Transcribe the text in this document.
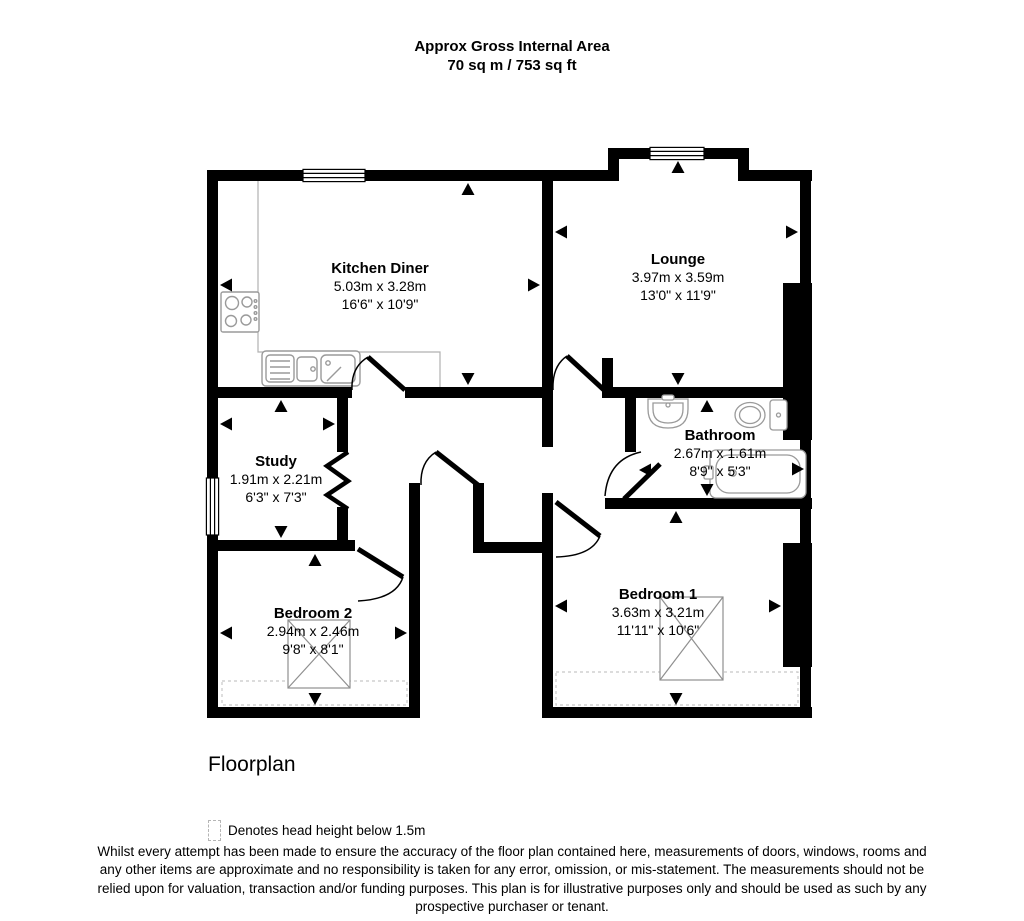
Approx Gross Internal Area
70 sq m / 753 sq ft
Kitchen Diner
5.03m x 3.28m
16'6" x 10'9"
Lounge
3.97m x 3.59m
13'0" x 11'9"
Study
1.91m x 2.21m
6'3" x 7'3"
Bathroom
2.67m x 1.61m
8'9" x 5'3"
Bedroom 2
2.94m x 2.46m
9'8" x 8'1"
Bedroom 1
3.63m x 3.21m
11'11" x 10'6"
Floorplan
Denotes head height below 1.5m
Whilst every attempt has been made to ensure the accuracy of the floor plan contained here, measurements of doors, windows, rooms and
any other items are approximate and no responsibility is taken for any error, omission, or mis-statement. The measurements should not be
relied upon for valuation, transaction and/or funding purposes. This plan is for illustrative purposes only and should be used as such by any
prospective purchaser or tenant.
